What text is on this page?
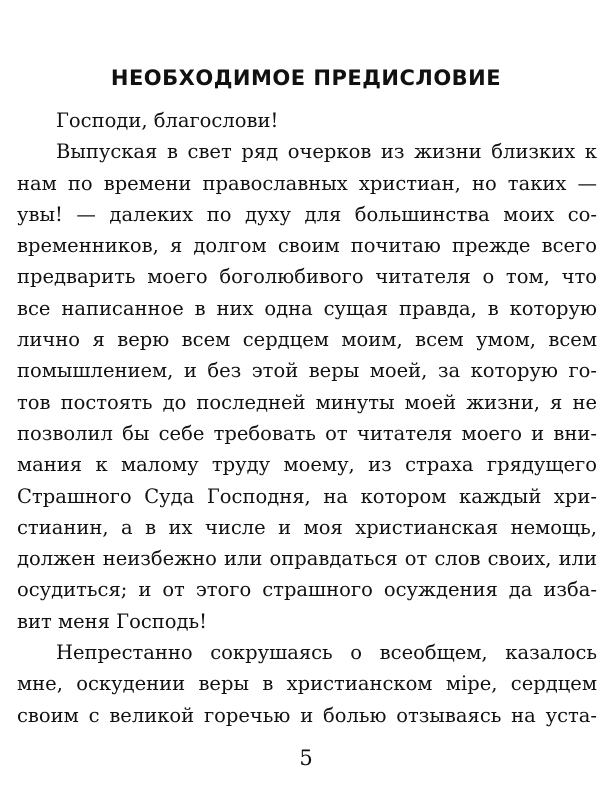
НЕОБХОДИМОЕ ПРЕДИСЛОВИЕ
Господи, благослови!
Выпуская в свет ряд очерков из жизни близких к
нам по времени православных христиан, но таких —
увы! — далеких по духу для большинства моих со-
временников, я долгом своим почитаю прежде всего
предварить моего боголюбивого читателя о том, что
все написанное в них одна сущая правда, в которую
лично я верю всем сердцем моим, всем умом, всем
помышлением, и без этой веры моей, за которую го-
тов постоять до последней минуты моей жизни, я не
позволил бы себе требовать от читателя моего и вни-
мания к малому труду моему, из страха грядущего
Страшного Суда Господня, на котором каждый хри-
стианин, а в их числе и моя христианская немощь,
должен неизбежно или оправдаться от слов своих, или
осудиться; и от этого страшного осуждения да изба-
вит меня Господь!
Непрестанно сокрушаясь о всеобщем, казалось
мне, оскудении веры в христианском міре, сердцем
своим с великой горечью и болью отзываясь на уста-
5
